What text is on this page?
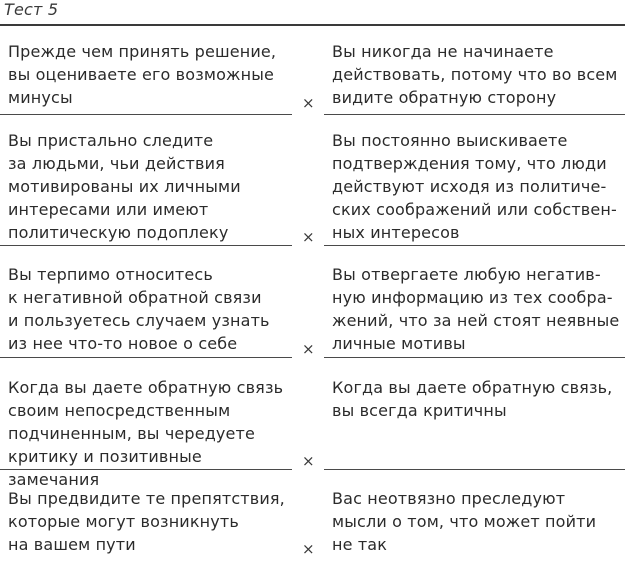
Тест 5
Прежде чем принять решение,
вы оцениваете его возможные
минусы
Вы никогда не начинаете
действовать, потому что во всем
видите обратную сторону
×
Вы пристально следите
за людьми, чьи действия
мотивированы их личными
интересами или имеют
политическую подоплеку
Вы постоянно выискиваете
подтверждения тому, что люди
действуют исходя из политиче-
ских соображений или собствен-
ных интересов
×
Вы терпимо относитесь
к негативной обратной связи
и пользуетесь случаем узнать
из нее что-то новое о себе
Вы отвергаете любую негатив-
ную информацию из тех сообра-
жений, что за ней стоят неявные
личные мотивы
×
Когда вы даете обратную связь
своим непосредственным
подчиненным, вы чередуете
критику и позитивные замечания
Когда вы даете обратную связь,
вы всегда критичны
×
Вы предвидите те препятствия,
которые могут возникнуть
на вашем пути
Вас неотвязно преследуют
мысли о том, что может пойти
не так
×
